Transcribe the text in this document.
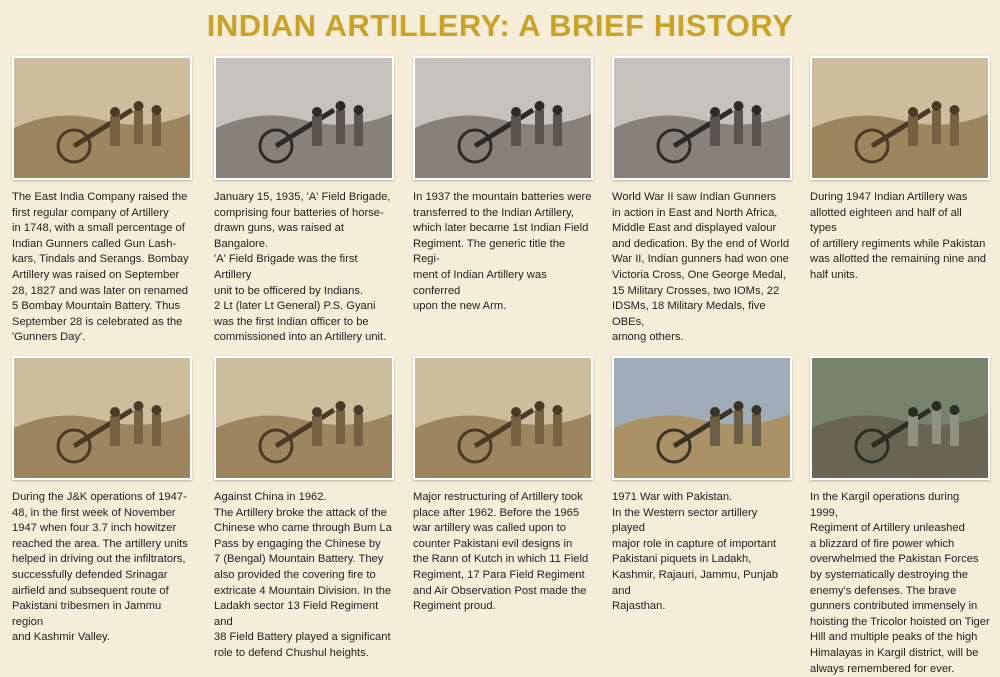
INDIAN ARTILLERY: A BRIEF HISTORY
The East India Company raised the
first regular company of Artillery
in 1748, with a small percentage of
Indian Gunners called Gun Lash-
kars, Tindals and Serangs. Bombay
Artillery was raised on September
28, 1827 and was later on renamed
5 Bombay Mountain Battery. Thus
September 28 is celebrated as the
'Gunners Day'.
January 15, 1935, 'A' Field Brigade,
comprising four batteries of horse-
drawn guns, was raised at Bangalore.
'A' Field Brigade was the first Artillery
unit to be officered by Indians.
2 Lt (later Lt General) P.S. Gyani
was the first Indian officer to be
commissioned into an Artillery unit.
In 1937 the mountain batteries were
transferred to the Indian Artillery,
which later became 1st Indian Field
Regiment. The generic title the Regi-
ment of Indian Artillery was conferred
upon the new Arm.
World War II saw Indian Gunners
in action in East and North Africa,
Middle East and displayed valour
and dedication. By the end of World
War II, Indian gunners had won one
Victoria Cross, One George Medal,
15 Military Crosses, two IOMs, 22
IDSMs, 18 Military Medals, five OBEs,
among others.
During 1947 Indian Artillery was
allotted eighteen and half of all types
of artillery regiments while Pakistan
was allotted the remaining nine and
half units.
During the J&K operations of 1947-
48, in the first week of November
1947 when four 3.7 inch howitzer
reached the area. The artillery units
helped in driving out the infiltrators,
successfully defended Srinagar
airfield and subsequent route of
Pakistani tribesmen in Jammu region
and Kashmir Valley.
Against China in 1962.
The Artillery broke the attack of the
Chinese who came through Bum La
Pass by engaging the Chinese by
7 (Bengal) Mountain Battery. They
also provided the covering fire to
extricate 4 Mountain Division. In the
Ladakh sector 13 Field Regiment and
38 Field Battery played a significant
role to defend Chushul heights.
Major restructuring of Artillery took
place after 1962. Before the 1965
war artillery was called upon to
counter Pakistani evil designs in
the Rann of Kutch in which 11 Field
Regiment, 17 Para Field Regiment
and Air Observation Post made the
Regiment proud.
1971 War with Pakistan.
In the Western sector artillery played
major role in capture of important
Pakistani piquets in Ladakh,
Kashmir, Rajauri, Jammu, Punjab and
Rajasthan.
In the Kargil operations during 1999,
Regiment of Artillery unleashed
a blizzard of fire power which
overwhelmed the Pakistan Forces
by systematically destroying the
enemy's defenses. The brave
gunners contributed immensely in
hoisting the Tricolor hoisted on Tiger
Hill and multiple peaks of the high
Himalayas in Kargil district, will be
always remembered for ever.
